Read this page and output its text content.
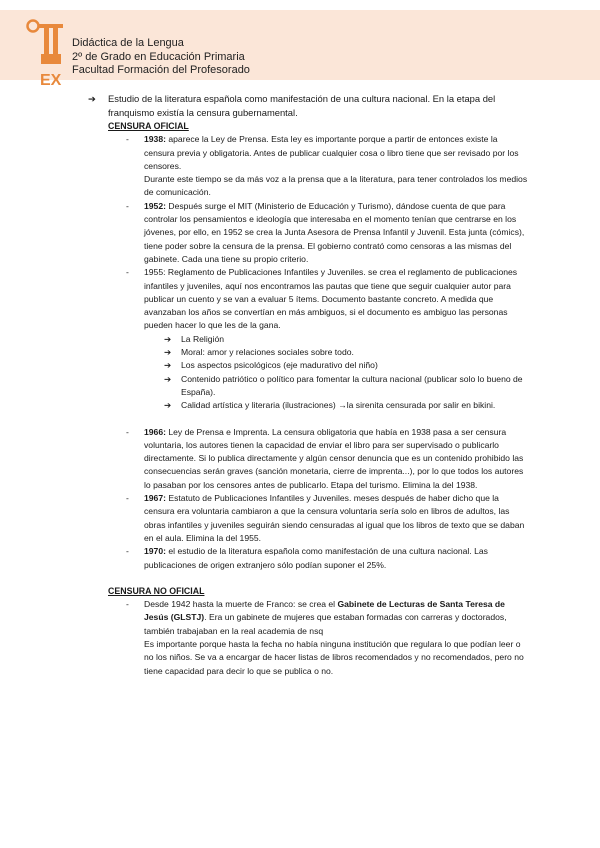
EX
Didáctica de la Lengua
2º de Grado en Educación Primaria
Facultad Formación del Profesorado
➔	Estudio de la literatura española como manifestación de una cultura nacional. En la etapa del franquismo existía la censura gubernamental.
CENSURA OFICIAL
-	1938: aparece la Ley de Prensa. Esta ley es importante porque a partir de entonces existe la censura previa y obligatoria. Antes de publicar cualquier cosa o libro tiene que ser revisado por los censores.
Durante este tiempo se da más voz a la prensa que a la literatura, para tener controlados los medios de comunicación.
-	1952: Después surge el MIT (Ministerio de Educación y Turismo), dándose cuenta de que para controlar los pensamientos e ideología que interesaba en el momento tenían que centrarse en los jóvenes, por ello, en 1952 se crea la Junta Asesora de Prensa Infantil y Juvenil. Esta junta (cómics), tiene poder sobre la censura de la prensa. El gobierno contrató como censoras a las mismas del gabinete. Cada una tiene su propio criterio.
-	1955: Reglamento de Publicaciones Infantiles y Juveniles. se crea el reglamento de publicaciones infantiles y juveniles, aquí nos encontramos las pautas que tiene que seguir cualquier autor para publicar un cuento y se van a evaluar 5 ítems. Documento bastante concreto. A medida que avanzaban los años se convertían en más ambiguos, si el documento es ambiguo las personas pueden hacer lo que les de la gana.
➔	La Religión
➔	Moral: amor y relaciones sociales sobre todo.
➔	Los aspectos psicológicos (eje madurativo del niño)
➔	Contenido patriótico o político para fomentar la cultura nacional (publicar solo lo bueno de España).
➔	Calidad artística y literaria (ilustraciones) →la sirenita censurada por salir en bikini.
-	1966: Ley de Prensa e Imprenta. La censura obligatoria que había en 1938 pasa a ser censura voluntaria, los autores tienen la capacidad de enviar el libro para ser supervisado o publicarlo directamente. Si lo publica directamente y algún censor denuncia que es un contenido prohibido las consecuencias serán graves (sanción monetaria, cierre de imprenta...), por lo que todos los autores lo pasaban por los censores antes de publicarlo. Etapa del turismo. Elimina la del 1938.
-	1967: Estatuto de Publicaciones Infantiles y Juveniles. meses después de haber dicho que la censura era voluntaria cambiaron a que la censura voluntaria sería solo en libros de adultos, las obras infantiles y juveniles seguirán siendo censuradas al igual que los libros de texto que se daban en el aula. Elimina la del 1955.
-	1970: el estudio de la literatura española como manifestación de una cultura nacional. Las publicaciones de origen extranjero sólo podían suponer el 25%.
CENSURA NO OFICIAL
-	Desde 1942 hasta la muerte de Franco: se crea el Gabinete de Lecturas de Santa Teresa de Jesús (GLSTJ). Era un gabinete de mujeres que estaban formadas con carreras y doctorados, también trabajaban en la real academia de nsq
Es importante porque hasta la fecha no había ninguna institución que regulara lo que podían leer o no los niños. Se va a encargar de hacer listas de libros recomendados y no recomendados, pero no tiene capacidad para decir lo que se publica o no.
